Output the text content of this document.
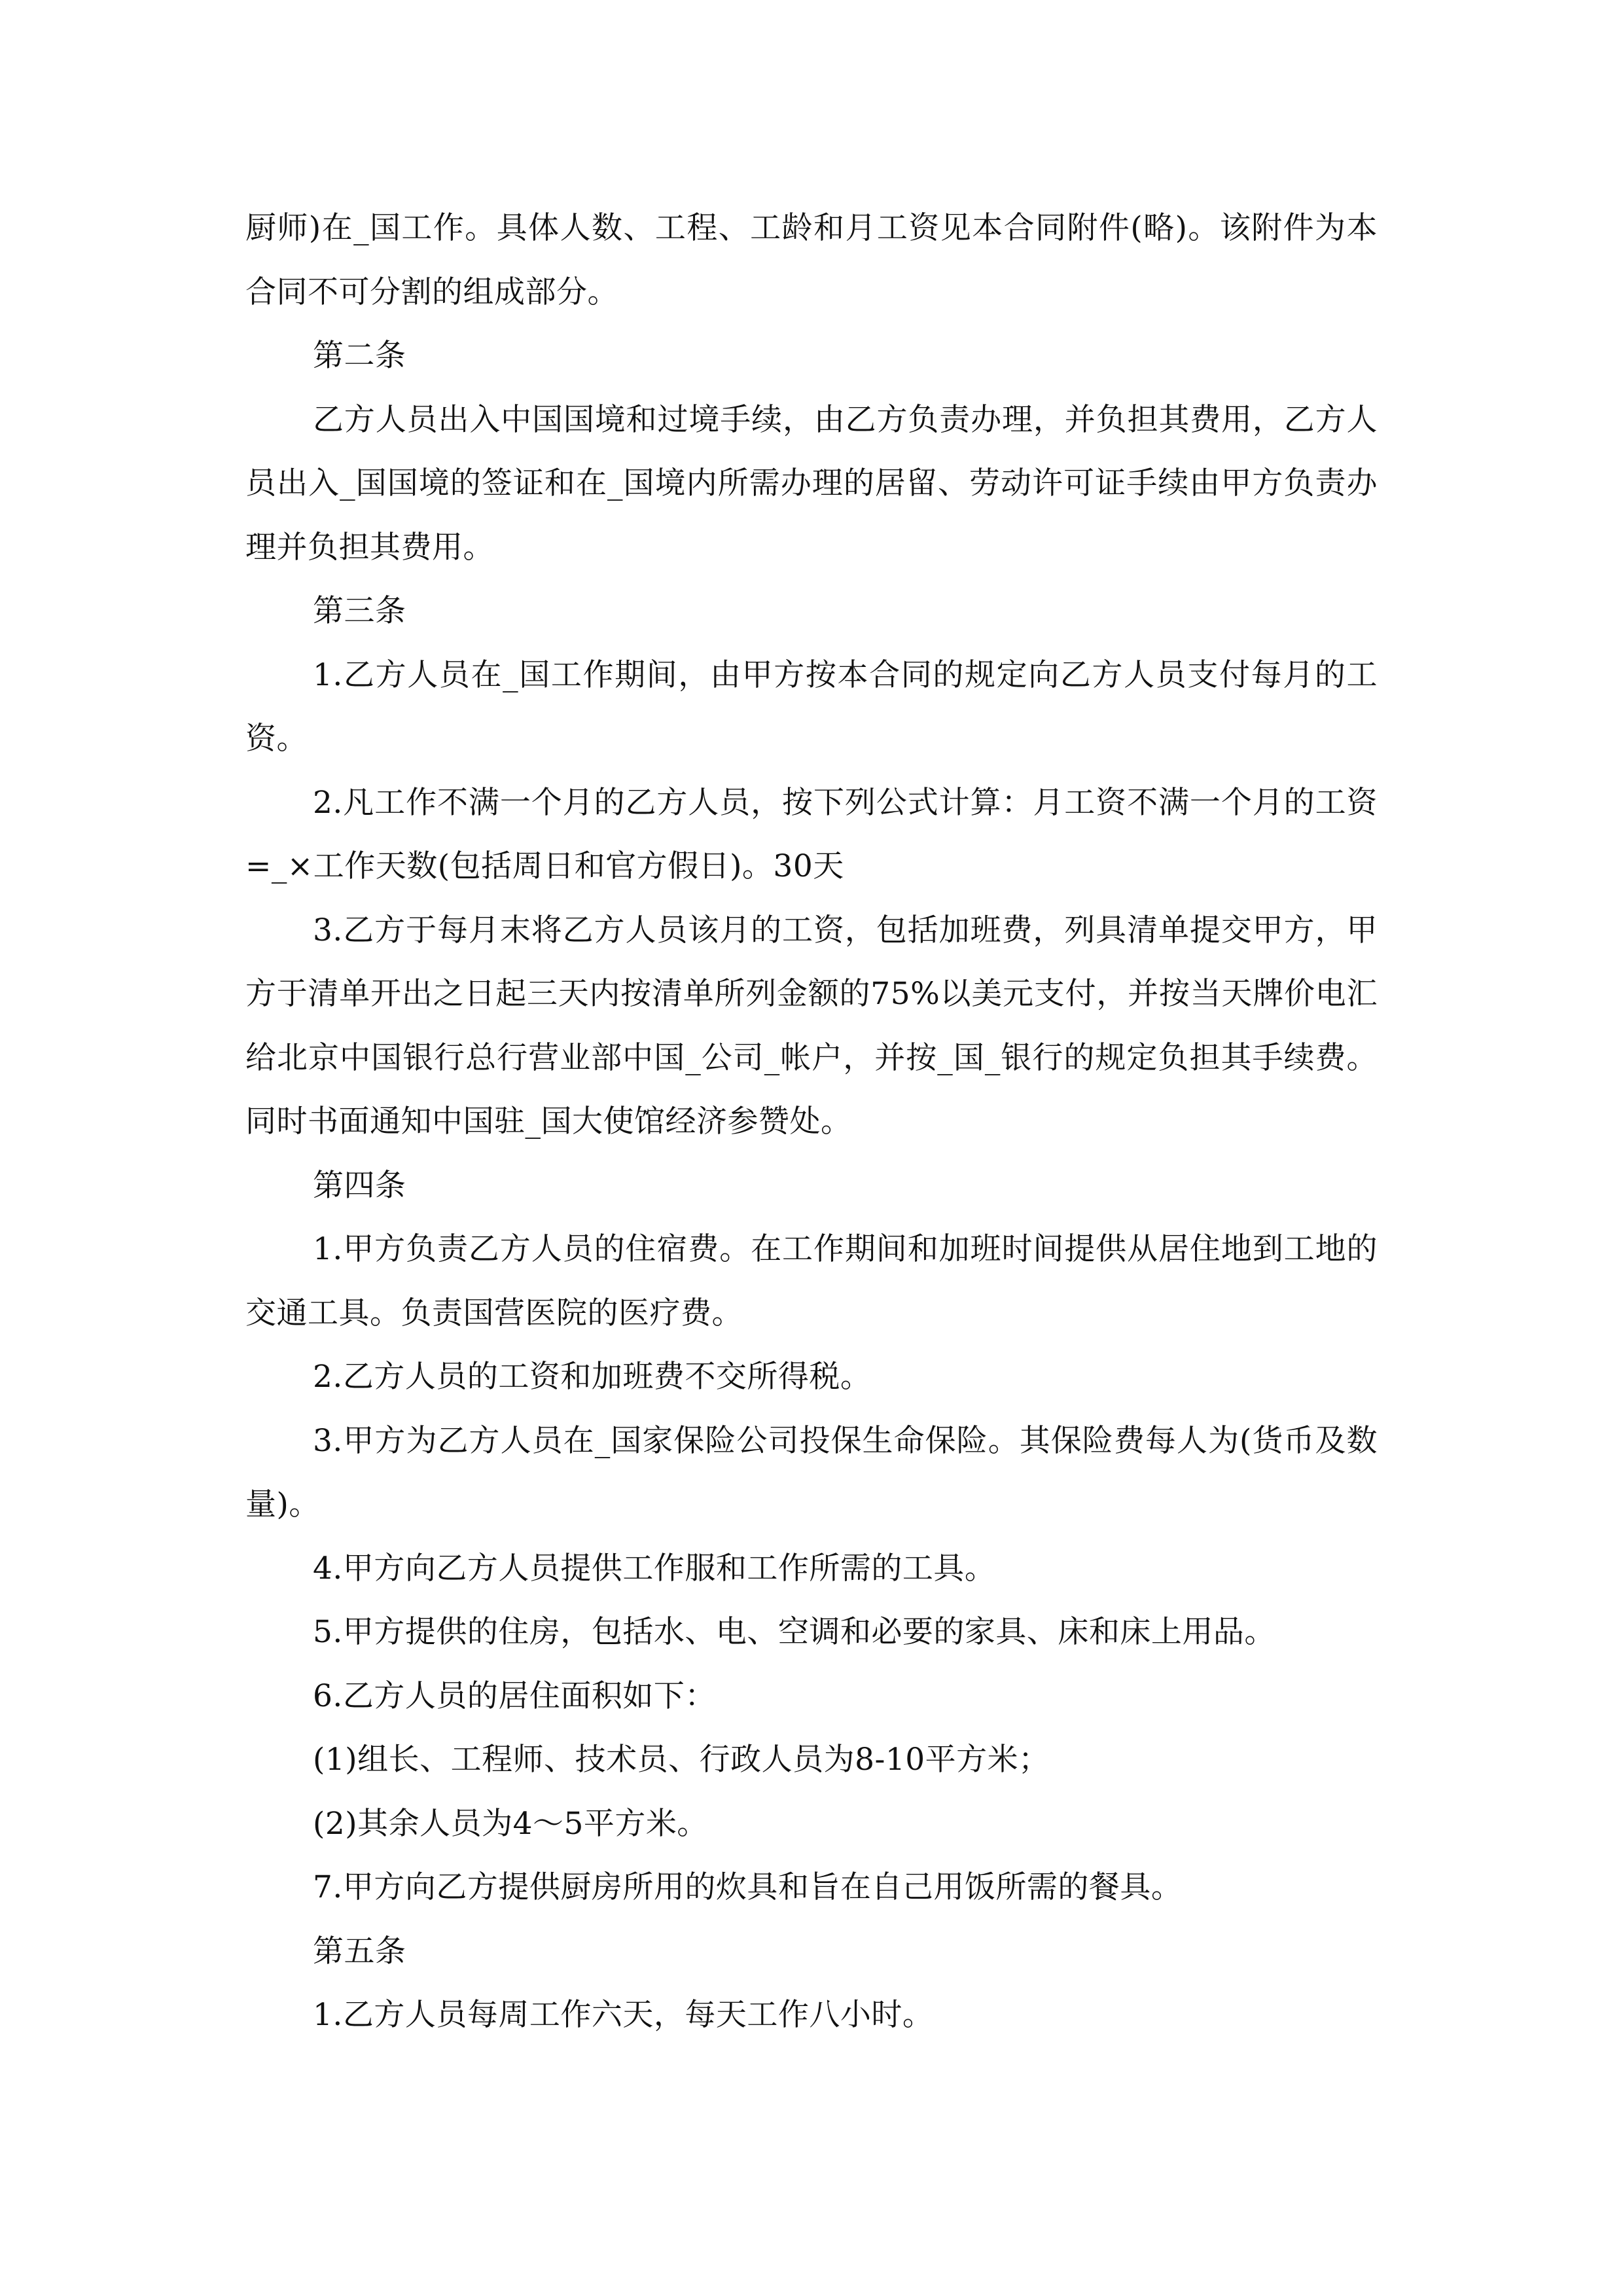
厨师)在_国工作。具体人数、工程、工龄和月工资见本合同附件(略)。该附件为本合同不可分割的组成部分。

第二条

乙方人员出入中国国境和过境手续，由乙方负责办理，并负担其费用，乙方人员出入_国国境的签证和在_国境内所需办理的居留、劳动许可证手续由甲方负责办理并负担其费用。

第三条

1.乙方人员在_国工作期间，由甲方按本合同的规定向乙方人员支付每月的工资。

2.凡工作不满一个月的乙方人员，按下列公式计算：月工资不满一个月的工资=_×工作天数(包括周日和官方假日)。30天

3.乙方于每月末将乙方人员该月的工资，包括加班费，列具清单提交甲方，甲方于清单开出之日起三天内按清单所列金额的75%以美元支付，并按当天牌价电汇给北京中国银行总行营业部中国_公司_帐户，并按_国_银行的规定负担其手续费。同时书面通知中国驻_国大使馆经济参赞处。

第四条

1.甲方负责乙方人员的住宿费。在工作期间和加班时间提供从居住地到工地的交通工具。负责国营医院的医疗费。

2.乙方人员的工资和加班费不交所得税。

3.甲方为乙方人员在_国家保险公司投保生命保险。其保险费每人为(货币及数量)。

4.甲方向乙方人员提供工作服和工作所需的工具。

5.甲方提供的住房，包括水、电、空调和必要的家具、床和床上用品。

6.乙方人员的居住面积如下：

(1)组长、工程师、技术员、行政人员为8-10平方米；

(2)其余人员为4～5平方米。

7.甲方向乙方提供厨房所用的炊具和旨在自己用饭所需的餐具。

第五条

1.乙方人员每周工作六天，每天工作八小时。
